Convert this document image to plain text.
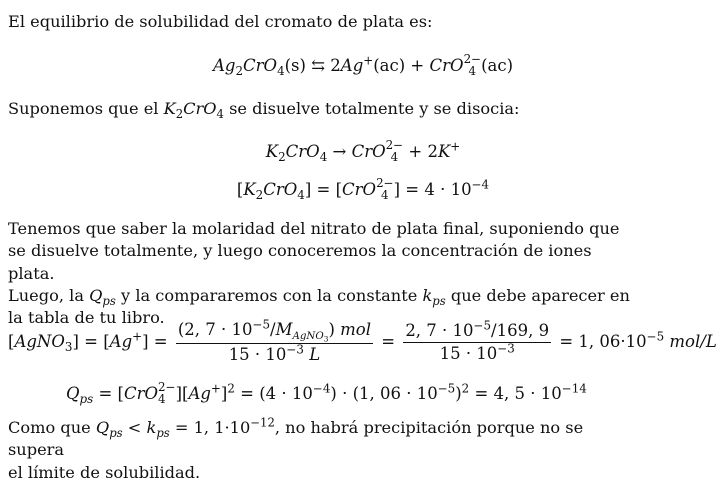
El equilibrio de solubilidad del cromato de plata es:

$Ag_2CrO_4(s)$ ⇆ 2Ag+(ac) + CrO 2−
4 (ac)

Suponemos que el $K_2CrO_4$ se disuelve totalmente y se disocia:

$K_2CrO_4$ → CrO 2−
4 + 2K+
$[K_2CrO_4] = [CrO$ 2−
4 ] = $4 \cdot 10^{-4}$
Tenemos que saber la molaridad del nitrato de plata final, suponiendo que
se disuelve totalmente, y luego conoceremos la concentración de iones plata.
Luego, la $Q_{ps}$ y la compararemos con la constante $k_{ps}$ que debe aparecer en
la tabla de tu libro.
[AgNO$_3$] = $[Ag^+] = \frac{(2, 7 \cdot 10^{-5}/M_{AgNO_3}) mol}{15 \cdot 10^{-3} L} = \frac{2, 7 \cdot 10^{-5}/169, 9}{15 \cdot 10^{-3}} = 1$, $06\cdot 10^{-5}$ mol/L
$Q_{ps} = [CrO$ 2−
4 ]$[Ag^+]^2 = (4 \cdot 10^{-4}) \cdot (1$, $06 \cdot 10^{-5})^2 = 4$, $5 \cdot 10^{-14}$
Como que $Q_{ps} < k_{ps} = 1$, $1\cdot 10^{-12}$, no habrá precipitación porque no se supera
el límite de solubilidad.
